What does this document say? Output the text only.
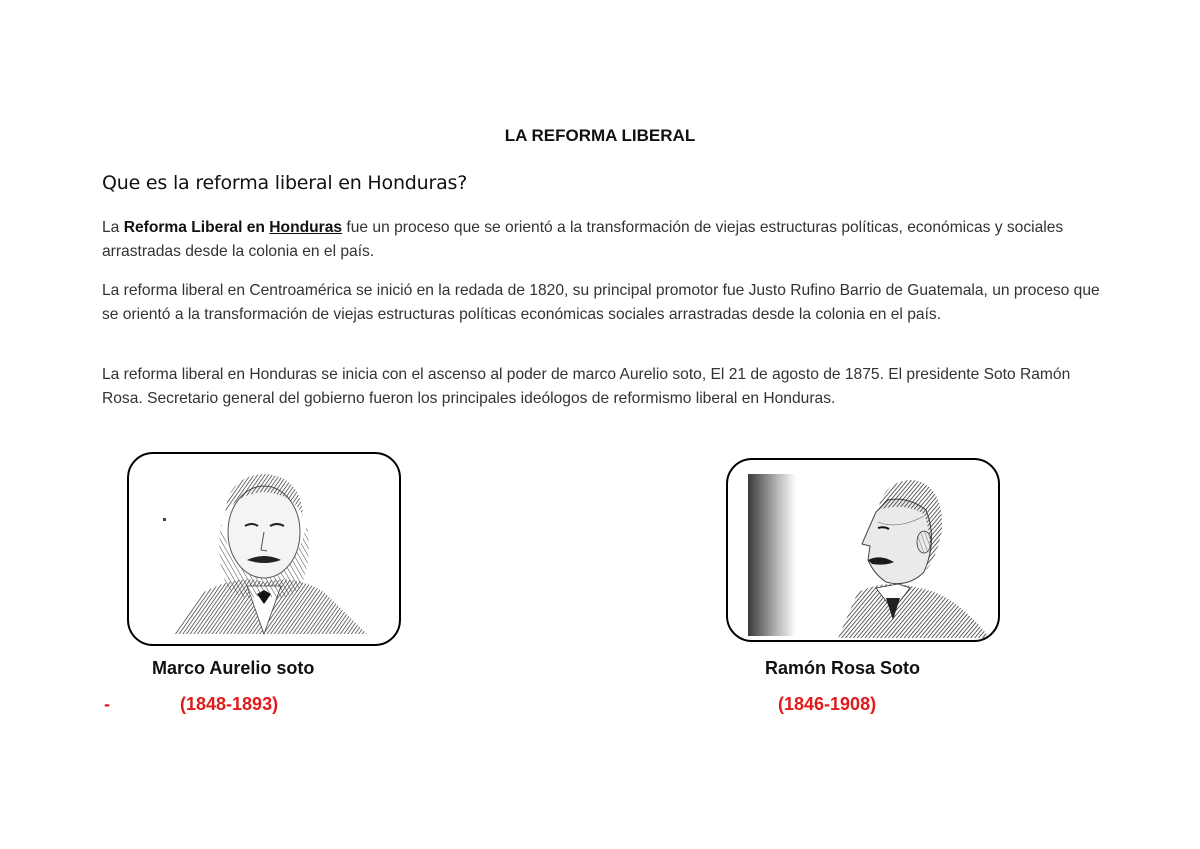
LA REFORMA LIBERAL
Que es la reforma liberal en Honduras?

La Reforma Liberal en Honduras fue un proceso que se orientó a la transformación de viejas estructuras políticas, económicas y sociales arrastradas desde la colonia en el país.

La reforma liberal en Centroamérica se inició en la redada de 1820, su principal promotor fue Justo Rufino Barrio de Guatemala, un proceso que se orientó a la transformación de viejas estructuras políticas económicas sociales arrastradas desde la colonia en el país.

La reforma liberal en Honduras se inicia con el ascenso al poder de marco Aurelio soto, El 21 de agosto de 1875. El presidente Soto Ramón Rosa. Secretario general del gobierno fueron los principales ideólogos de reformismo liberal en Honduras.

Marco Aurelio soto	Ramón Rosa Soto
-	(1848-1893)	(1846-1908)
